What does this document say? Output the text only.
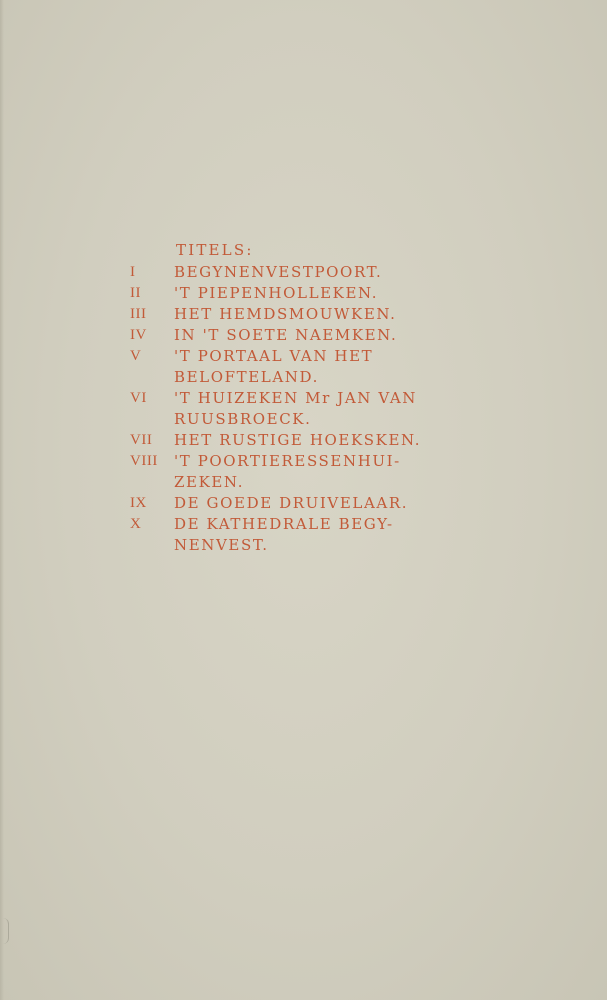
TITELS:
I	BEGYNENVESTPOORT.
II	'T PIEPENHOLLEKEN.
III	HET HEMDSMOUWKEN.
IV	IN 'T SOETE NAEMKEN.
V	'T PORTAAL VAN HET
BELOFTELAND.
VI	'T HUIZEKEN Mr JAN VAN
RUUSBROECK.
VII	HET RUSTIGE HOEKSKEN.
VIII	'T POORTIERESSENHUI-
ZEKEN.
IX	DE GOEDE DRUIVELAAR.
X	DE KATHEDRALE BEGY-
NENVEST.
